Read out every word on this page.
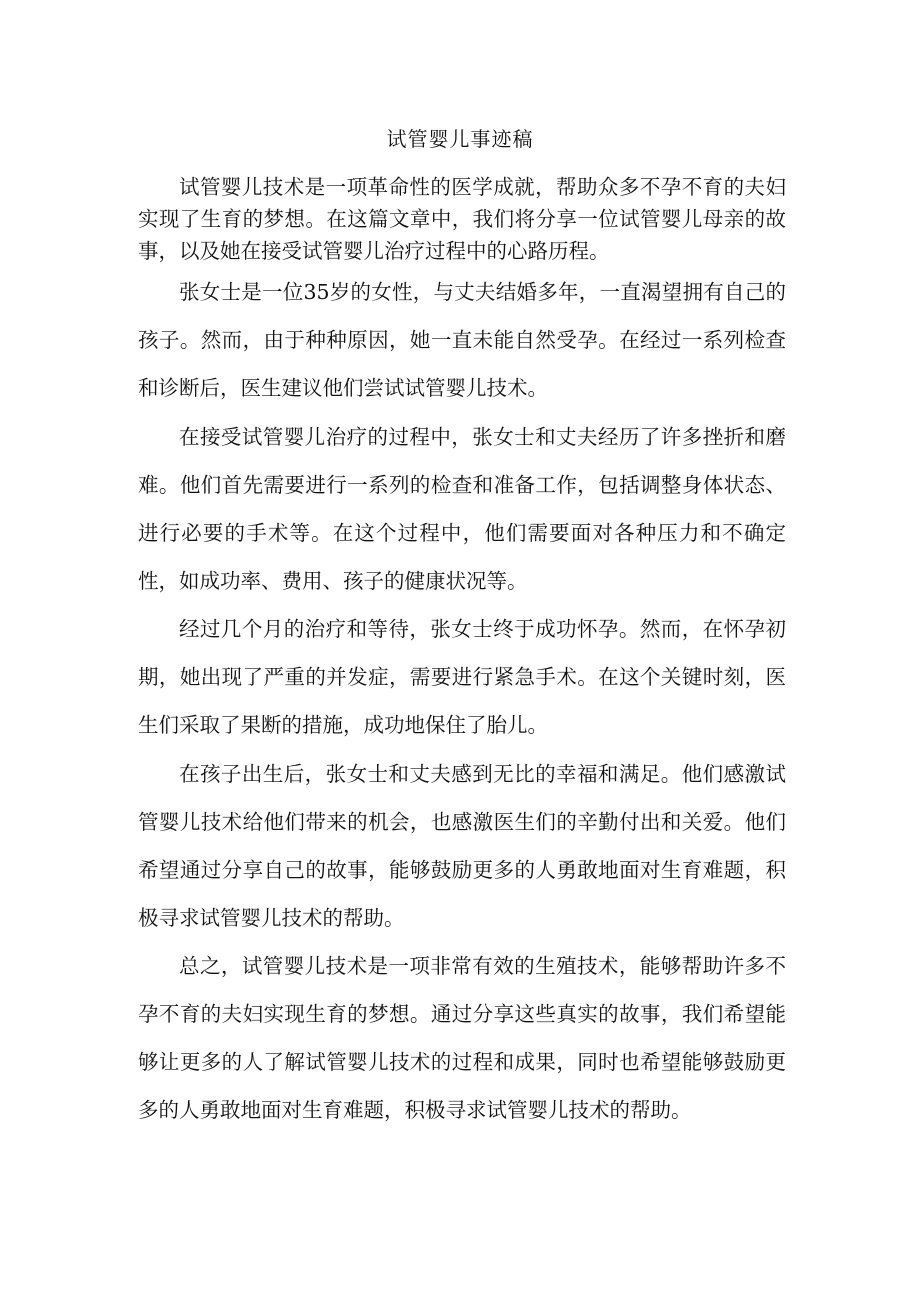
试管婴儿事迹稿

试管婴儿技术是一项革命性的医学成就，帮助众多不孕不育的夫妇实现了生育的梦想。在这篇文章中，我们将分享一位试管婴儿母亲的故事，以及她在接受试管婴儿治疗过程中的心路历程。

张女士是一位35岁的女性，与丈夫结婚多年，一直渴望拥有自己的孩子。然而，由于种种原因，她一直未能自然受孕。在经过一系列检查和诊断后，医生建议他们尝试试管婴儿技术。

在接受试管婴儿治疗的过程中，张女士和丈夫经历了许多挫折和磨难。他们首先需要进行一系列的检查和准备工作，包括调整身体状态、进行必要的手术等。在这个过程中，他们需要面对各种压力和不确定性，如成功率、费用、孩子的健康状况等。

经过几个月的治疗和等待，张女士终于成功怀孕。然而，在怀孕初期，她出现了严重的并发症，需要进行紧急手术。在这个关键时刻，医生们采取了果断的措施，成功地保住了胎儿。

在孩子出生后，张女士和丈夫感到无比的幸福和满足。他们感激试管婴儿技术给他们带来的机会，也感激医生们的辛勤付出和关爱。他们希望通过分享自己的故事，能够鼓励更多的人勇敢地面对生育难题，积极寻求试管婴儿技术的帮助。

总之，试管婴儿技术是一项非常有效的生殖技术，能够帮助许多不孕不育的夫妇实现生育的梦想。通过分享这些真实的故事，我们希望能够让更多的人了解试管婴儿技术的过程和成果，同时也希望能够鼓励更多的人勇敢地面对生育难题，积极寻求试管婴儿技术的帮助。
